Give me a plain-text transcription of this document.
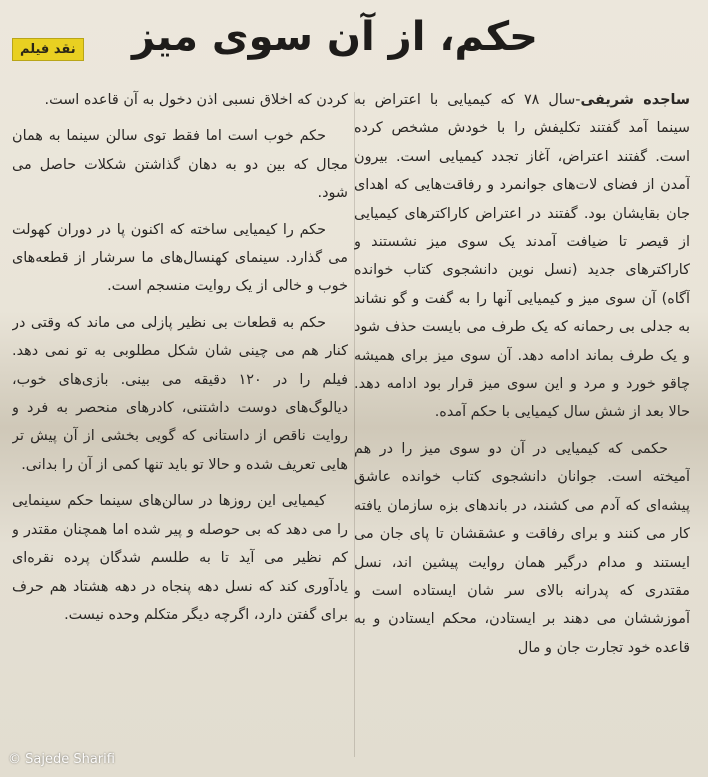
حکم، از آن سوی میز
نقد فیلم

ساجده شریفی-سال ۷۸ که کیمیایی با اعتراض به سینما آمد گفتند تکلیفش را با خودش مشخص کرده است. گفتند اعتراض، آغاز تجدد کیمیایی است. بیرون آمدن از فضای لات‌های جوانمرد و رفاقت‌هایی که اهدای جان بقایشان بود. گفتند در اعتراض کاراکترهای کیمیایی از قیصر تا ضیافت آمدند یک سوی میز نشستند و کاراکترهای جدید (نسل نوین دانشجوی کتاب خوانده آگاه) آن سوی میز و کیمیایی آنها را به گفت و گو نشاند به جدلی بی رحمانه که یک طرف می بایست حذف شود و یک طرف بماند ادامه دهد. آن سوی میز برای همیشه چاقو خورد و مرد و این سوی میز قرار بود ادامه دهد. حالا بعد از شش سال کیمیایی با حکم آمده.

حکمی که کیمیایی در آن دو سوی میز را در هم آمیخته است. جوانان دانشجوی کتاب خوانده عاشق پیشه‌ای که آدم می کشند، در باندهای بزه سازمان یافته کار می کنند و برای رفاقت و عشقشان تا پای جان می ایستند و مدام درگیر همان روایت پیشین اند، نسل مقتدری که پدرانه بالای سر شان ایستاده است و آموزششان می دهند بر ایستادن، محکم ایستادن و به قاعده خود تجارت جان و مال

کردن که اخلاق نسبی اذن دخول به آن قاعده است.

حکم خوب است اما فقط توی سالن سینما به همان مجال که بین دو به دهان گذاشتن شکلات حاصل می شود.

حکم را کیمیایی ساخته که اکنون پا در دوران کهولت می گذارد. سینمای کهنسال‌های ما سرشار از قطعه‌های خوب و خالی از یک روایت منسجم است.

حکم به قطعات بی نظیر پازلی می ماند که وقتی در کنار هم می چینی شان شکل مطلوبی به تو نمی دهد. فیلم را در ۱۲۰ دقیقه می بینی. بازی‌های خوب، دیالوگ‌های دوست داشتنی، کادرهای منحصر به فرد و روایت ناقص از داستانی که گویی بخشی از آن پیش تر هایی تعریف شده و حالا تو باید تنها کمی از آن را بدانی.

کیمیایی این روزها در سالن‌های سینما حکم سینمایی را می دهد که بی حوصله و پیر شده اما همچنان مقتدر و کم نظیر می آید تا به طلسم شدگان پرده نقره‌ای یادآوری کند که نسل دهه پنجاه در دهه هشتاد هم حرف برای گفتن دارد، اگرچه دیگر متکلم وحده نیست.

© Sajede Sharifi
